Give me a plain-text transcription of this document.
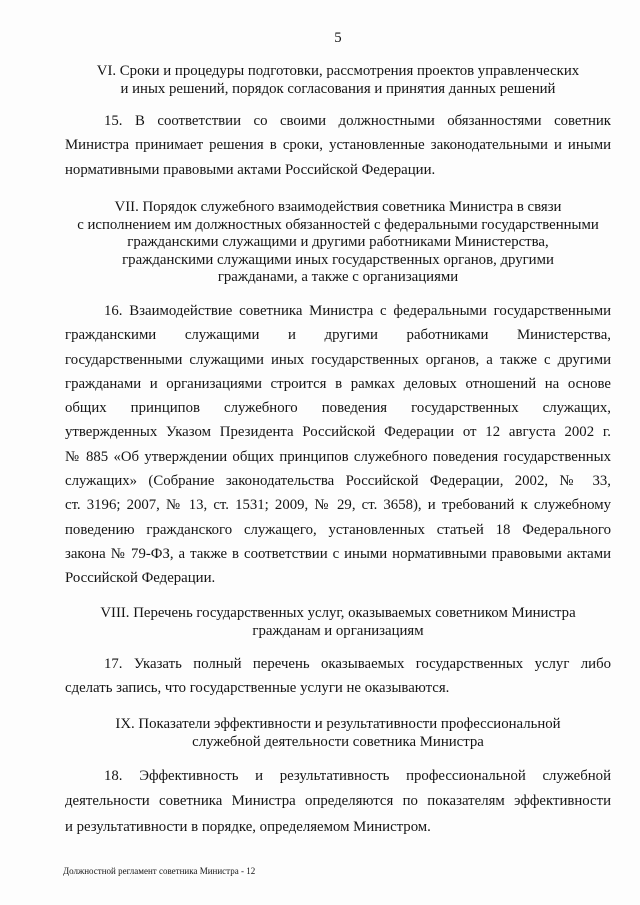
5
VI. Сроки и процедуры подготовки, рассмотрения проектов управленческих
и иных решений, порядок согласования и принятия данных решений
15. В соответствии со своими должностными обязанностями советник
Министра принимает решения в сроки, установленные законодательными и иными
нормативными правовыми актами Российской Федерации.
VII. Порядок служебного взаимодействия советника Министра в связи
с исполнением им должностных обязанностей с федеральными государственными
гражданскими служащими и другими работниками Министерства,
гражданскими служащими иных государственных органов, другими
гражданами, а также с организациями
16. Взаимодействие советника Министра с федеральными государственными
гражданскими служащими и другими работниками Министерства,
государственными служащими иных государственных органов, а также с другими
гражданами и организациями строится в рамках деловых отношений на основе
общих принципов служебного поведения государственных служащих,
утвержденных Указом Президента Российской Федерации от 12 августа 2002 г.
№ 885 «Об утверждении общих принципов служебного поведения государственных
служащих» (Собрание законодательства Российской Федерации, 2002, № 33,
ст. 3196; 2007, № 13, ст. 1531; 2009, № 29, ст. 3658), и требований к служебному
поведению гражданского служащего, установленных статьей 18 Федерального
закона № 79-ФЗ, а также в соответствии с иными нормативными правовыми актами
Российской Федерации.
VIII. Перечень государственных услуг, оказываемых советником Министра
гражданам и организациям
17. Указать полный перечень оказываемых государственных услуг либо
сделать запись, что государственные услуги не оказываются.
IX. Показатели эффективности и результативности профессиональной
служебной деятельности советника Министра
18. Эффективность и результативность профессиональной служебной
деятельности советника Министра определяются по показателям эффективности
и результативности в порядке, определяемом Министром.
Должностной регламент советника Министра - 12
